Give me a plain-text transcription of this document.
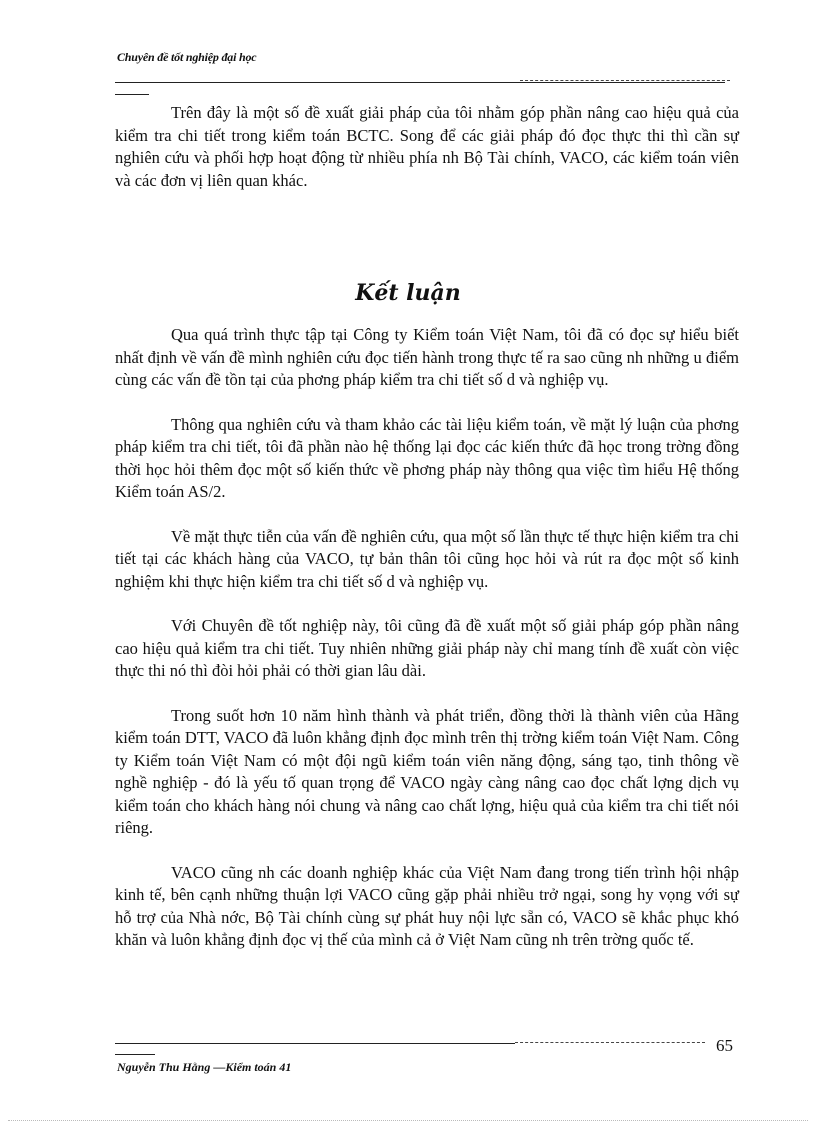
Chuyên đề tốt nghiệp đại học

Trên đây là một số đề xuất giải pháp của tôi nhằm góp phần nâng cao hiệu quả của kiểm tra chi tiết trong kiểm toán BCTC. Song để các giải pháp đó đọc thực thi thì cần sự nghiên cứu và phối hợp hoạt động từ nhiều phía nh Bộ Tài chính, VACO, các kiểm toán viên và các đơn vị liên quan khác.

Kết luận

Qua quá trình thực tập tại Công ty Kiểm toán Việt Nam, tôi đã có đọc sự hiểu biết nhất định về vấn đề mình nghiên cứu đọc tiến hành trong thực tế ra sao cũng nh những u điểm cùng các vấn đề tồn tại của phơng pháp kiểm tra chi tiết số d và nghiệp vụ.

Thông qua nghiên cứu và tham khảo các tài liệu kiểm toán, về mặt lý luận của phơng pháp kiểm tra chi tiết, tôi đã phần nào hệ thống lại đọc các kiến thức đã học trong trờng đồng thời học hỏi thêm đọc một số kiến thức về phơng pháp này thông qua việc tìm hiểu Hệ thống Kiểm toán AS/2.

Về mặt thực tiễn của vấn đề nghiên cứu, qua một số lần thực tế thực hiện kiểm tra chi tiết tại các khách hàng của VACO, tự bản thân tôi cũng học hỏi và rút ra đọc một số kinh nghiệm khi thực hiện kiểm tra chi tiết số d và nghiệp vụ.

Với Chuyên đề tốt nghiệp này, tôi cũng đã đề xuất một số giải pháp góp phần nâng cao hiệu quả kiểm tra chi tiết. Tuy nhiên những giải pháp này chỉ mang tính đề xuất còn việc thực thi nó thì đòi hỏi phải có thời gian lâu dài.

Trong suốt hơn 10 năm hình thành và phát triển, đồng thời là thành viên của Hãng kiểm toán DTT, VACO đã luôn khẳng định đọc mình trên thị trờng kiểm toán Việt Nam. Công ty Kiểm toán Việt Nam có một đội ngũ kiểm toán viên năng động, sáng tạo, tinh thông về nghề nghiệp - đó là yếu tố quan trọng để VACO ngày càng nâng cao đọc chất lợng dịch vụ kiểm toán cho khách hàng nói chung và nâng cao chất lợng, hiệu quả của kiểm tra chi tiết nói riêng.

VACO cũng nh các doanh nghiệp khác của Việt Nam đang trong tiến trình hội nhập kinh tế, bên cạnh những thuận lợi VACO cũng gặp phải nhiều trở ngại, song hy vọng với sự hỗ trợ của Nhà nớc, Bộ Tài chính cùng sự phát huy nội lực sẵn có, VACO sẽ khắc phục khó khăn và luôn khẳng định đọc vị thế của mình cả ở Việt Nam cũng nh trên trờng quốc tế.

65
Nguyễn Thu Hằng —Kiểm toán 41
